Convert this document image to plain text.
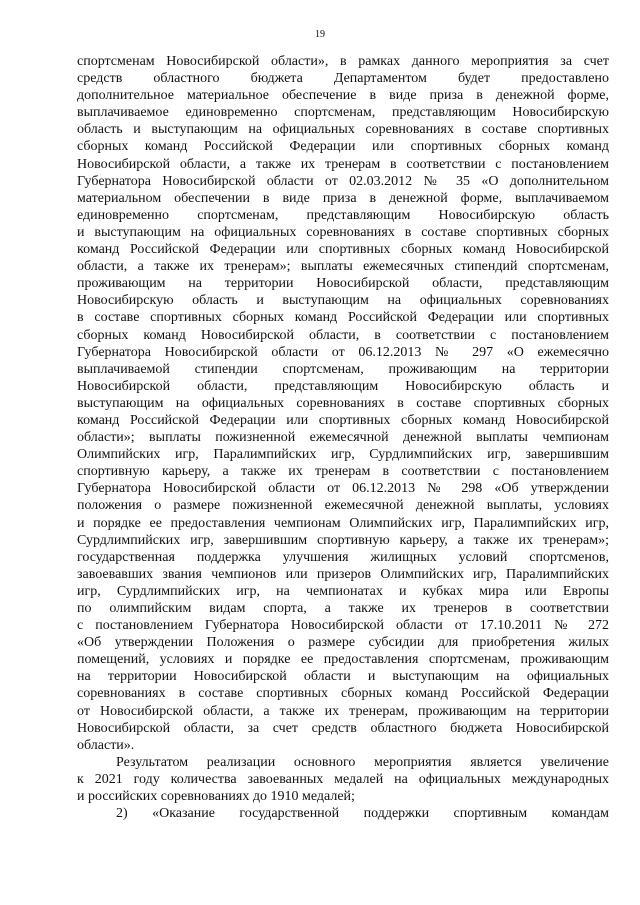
19
спортсменам Новосибирской области», в рамках данного мероприятия за счет
средств областного бюджета Департаментом будет предоставлено
дополнительное материальное обеспечение в виде приза в денежной форме,
выплачиваемое единовременно спортсменам, представляющим Новосибирскую
область и выступающим на официальных соревнованиях в составе спортивных
сборных команд Российской Федерации или спортивных сборных команд
Новосибирской области, а также их тренерам в соответствии с постановлением
Губернатора Новосибирской области от 02.03.2012 № 35 «О дополнительном
материальном обеспечении в виде приза в денежной форме, выплачиваемом
единовременно спортсменам, представляющим Новосибирскую область
и выступающим на официальных соревнованиях в составе спортивных сборных
команд Российской Федерации или спортивных сборных команд Новосибирской
области, а также их тренерам»; выплаты ежемесячных стипендий спортсменам,
проживающим на территории Новосибирской области, представляющим
Новосибирскую область и выступающим на официальных соревнованиях
в составе спортивных сборных команд Российской Федерации или спортивных
сборных команд Новосибирской области, в соответствии с постановлением
Губернатора Новосибирской области от 06.12.2013 № 297 «О ежемесячно
выплачиваемой стипендии спортсменам, проживающим на территории
Новосибирской области, представляющим Новосибирскую область и
выступающим на официальных соревнованиях в составе спортивных сборных
команд Российской Федерации или спортивных сборных команд Новосибирской
области»; выплаты пожизненной ежемесячной денежной выплаты чемпионам
Олимпийских игр, Паралимпийских игр, Сурдлимпийских игр, завершившим
спортивную карьеру, а также их тренерам в соответствии с постановлением
Губернатора Новосибирской области от 06.12.2013 № 298 «Об утверждении
положения о размере пожизненной ежемесячной денежной выплаты, условиях
и порядке ее предоставления чемпионам Олимпийских игр, Паралимпийских игр,
Сурдлимпийских игр, завершившим спортивную карьеру, а также их тренерам»;
государственная поддержка улучшения жилищных условий спортсменов,
завоевавших звания чемпионов или призеров Олимпийских игр, Паралимпийских
игр, Сурдлимпийских игр, на чемпионатах и кубках мира или Европы
по олимпийским видам спорта, а также их тренеров в соответствии
с постановлением Губернатора Новосибирской области от 17.10.2011 № 272
«Об утверждении Положения о размере субсидии для приобретения жилых
помещений, условиях и порядке ее предоставления спортсменам, проживающим
на территории Новосибирской области и выступающим на официальных
соревнованиях в составе спортивных сборных команд Российской Федерации
от Новосибирской области, а также их тренерам, проживающим на территории
Новосибирской области, за счет средств областного бюджета Новосибирской
области».
Результатом реализации основного мероприятия является увеличение
к 2021 году количества завоеванных медалей на официальных международных
и российских соревнованиях до 1910 медалей;
2) «Оказание государственной поддержки спортивным командам
